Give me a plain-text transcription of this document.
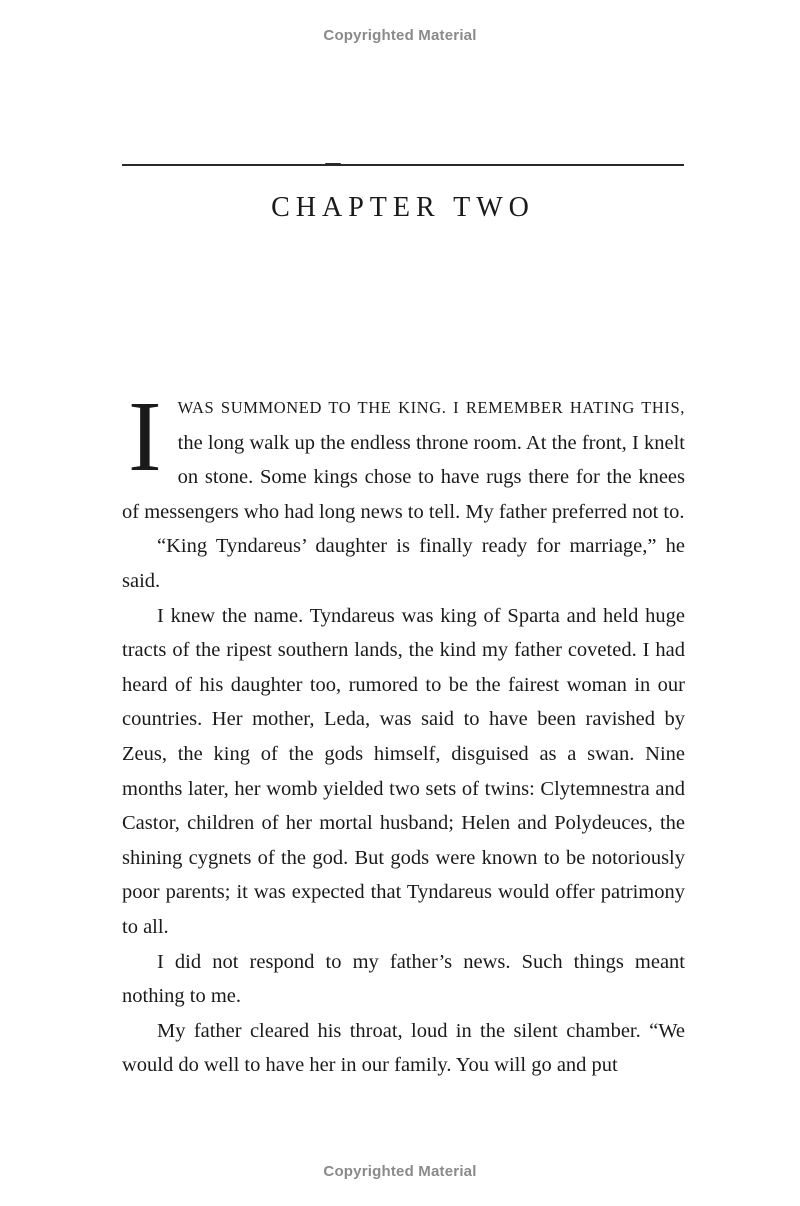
Copyrighted Material
CHAPTER TWO

IWAS SUMMONED TO THE KING. I REMEMBER HATING THIS, the long walk up the endless throne room. At the front, I knelt on stone. Some kings chose to have rugs there for the knees of messengers who had long news to tell. My father preferred not to.

“King Tyndareus’ daughter is finally ready for marriage,” he said.

I knew the name. Tyndareus was king of Sparta and held huge tracts of the ripest southern lands, the kind my father coveted. I had heard of his daughter too, rumored to be the fairest woman in our countries. Her mother, Leda, was said to have been ravished by Zeus, the king of the gods himself, disguised as a swan. Nine months later, her womb yielded two sets of twins: Clytemnestra and Castor, children of her mortal husband; Helen and Polydeuces, the shining cygnets of the god. But gods were known to be notoriously poor parents; it was expected that Tyndareus would offer patrimony to all.

I did not respond to my father’s news. Such things meant nothing to me.

My father cleared his throat, loud in the silent chamber. “We would do well to have her in our family. You will go and put

Copyrighted Material
